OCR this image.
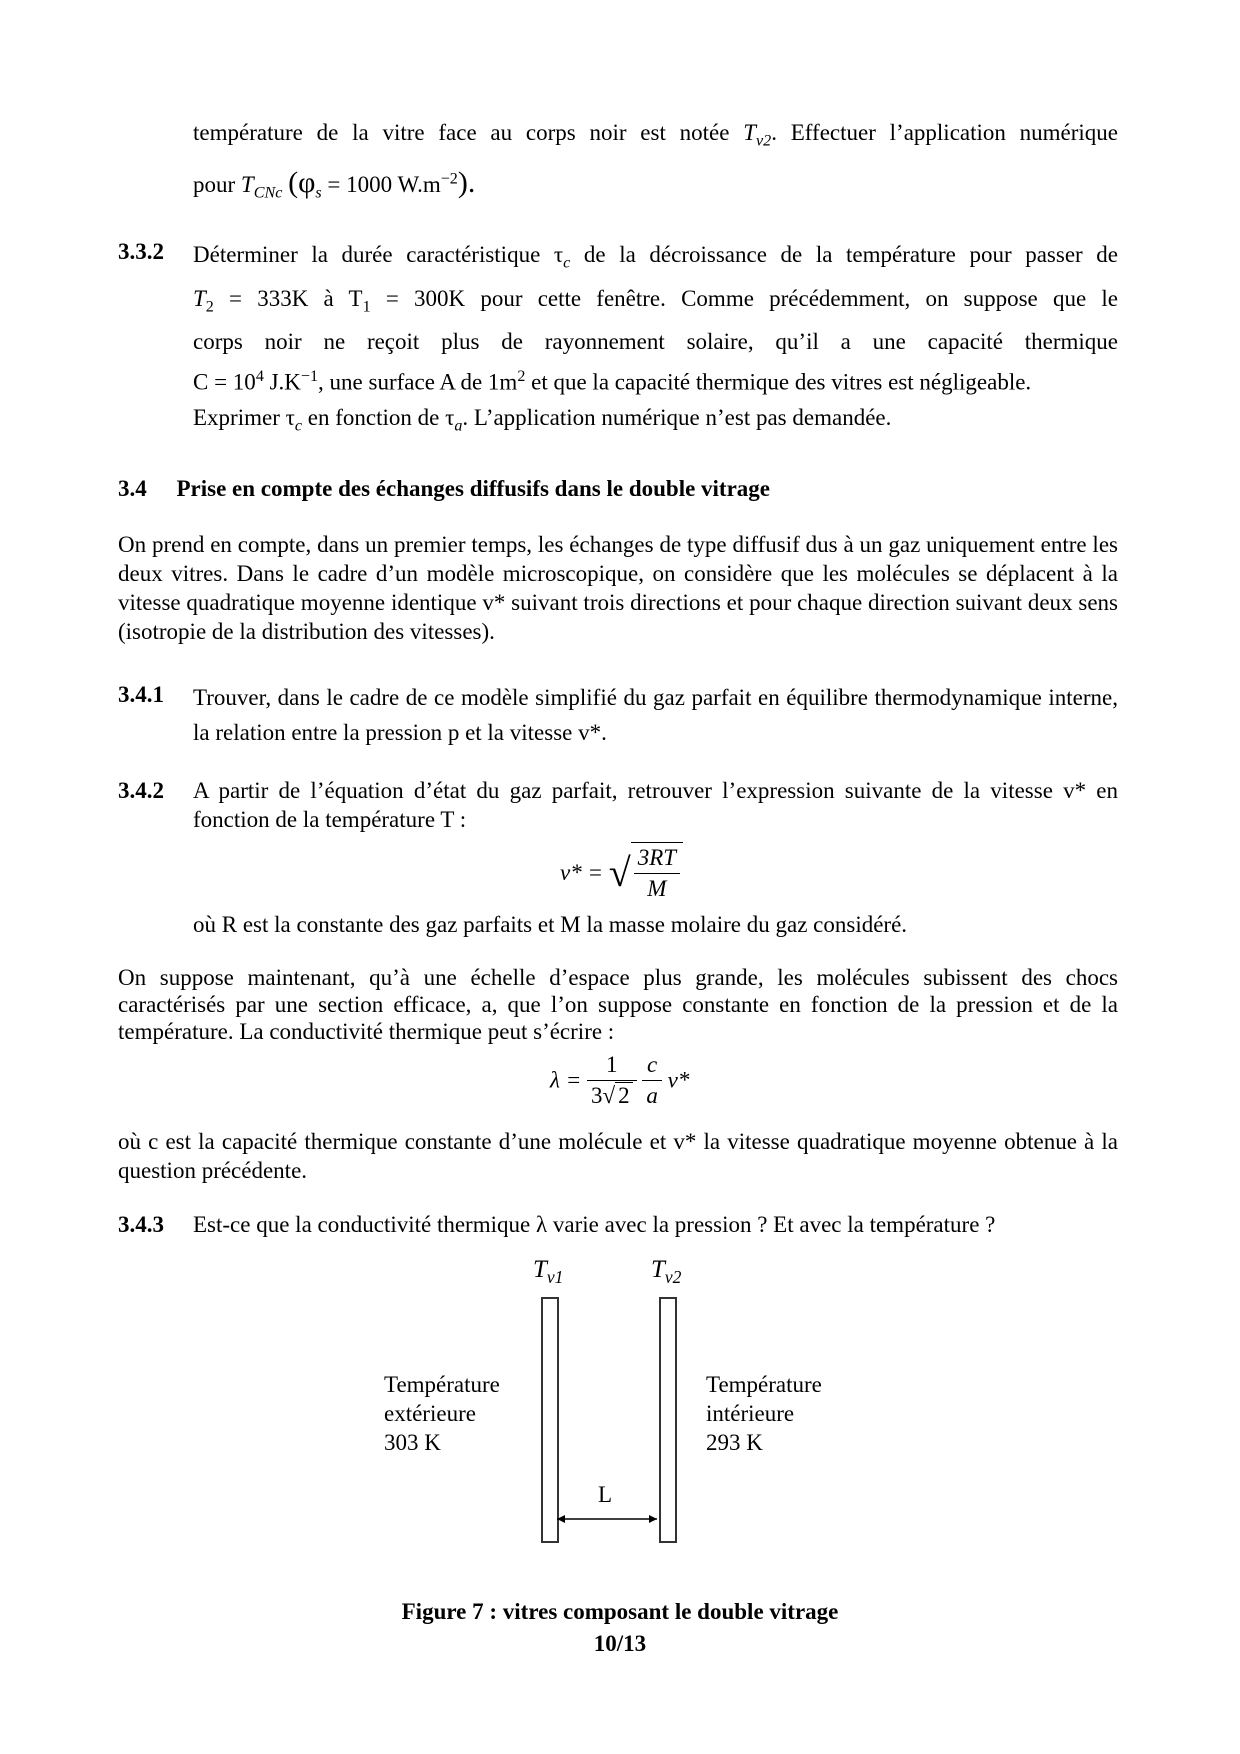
température de la vitre face au corps noir est notée $T_{v2}$. Effectuer l’application numérique
pour $T_{CNc}$ ($\varphi_s = 1000$ $W.m^{-2}$).
3.3.2 Déterminer la durée caractéristique $\tau_c$ de la décroissance de la température pour passer de
$T_2 = 333K$ à $T_1 = 300K$ pour cette fenêtre. Comme précédemment, on suppose que le
corps noir ne reçoit plus de rayonnement solaire, qu’il a une capacité thermique
$C = 10^4$ $J.K^{-1}$, une surface A de $1m^2$ et que la capacité thermique des vitres est négligeable.
Exprimer $\tau_c$ en fonction de $\tau_a$. L’application numérique n’est pas demandée.
3.4 Prise en compte des échanges diffusifs dans le double vitrage
On prend en compte, dans un premier temps, les échanges de type diffusif dus à un gaz uniquement entre les deux vitres. Dans le cadre d’un modèle microscopique, on considère que les molécules se déplacent à la vitesse quadratique moyenne identique v* suivant trois directions et pour chaque direction suivant deux sens (isotropie de la distribution des vitesses).
3.4.1 Trouver, dans le cadre de ce modèle simplifié du gaz parfait en équilibre thermodynamique interne, la relation entre la pression p et la vitesse v*.
3.4.2 A partir de l’équation d’état du gaz parfait, retrouver l’expression suivante de la vitesse v* en fonction de la température T :
v* = √ $\frac{3RT}{M}$
où R est la constante des gaz parfaits et M la masse molaire du gaz considéré.
On suppose maintenant, qu’à une échelle d’espace plus grande, les molécules subissent des chocs caractérisés par une section efficace, a, que l’on suppose constante en fonction de la pression et de la température. La conductivité thermique peut s’écrire :
$\lambda = \frac{1}{3√ 2}$
$\frac{c}{a} v*$
où c est la capacité thermique constante d’une molécule et v* la vitesse quadratique moyenne obtenue à la question précédente.
3.4.3 Est-ce que la conductivité thermique λ varie avec la pression ? Et avec la température ?
$T_{v1}$	$T_{v2}$
Température
extérieure
303 K
Température
intérieure
293 K
L
Figure 7 : vitres composant le double vitrage
10/13
